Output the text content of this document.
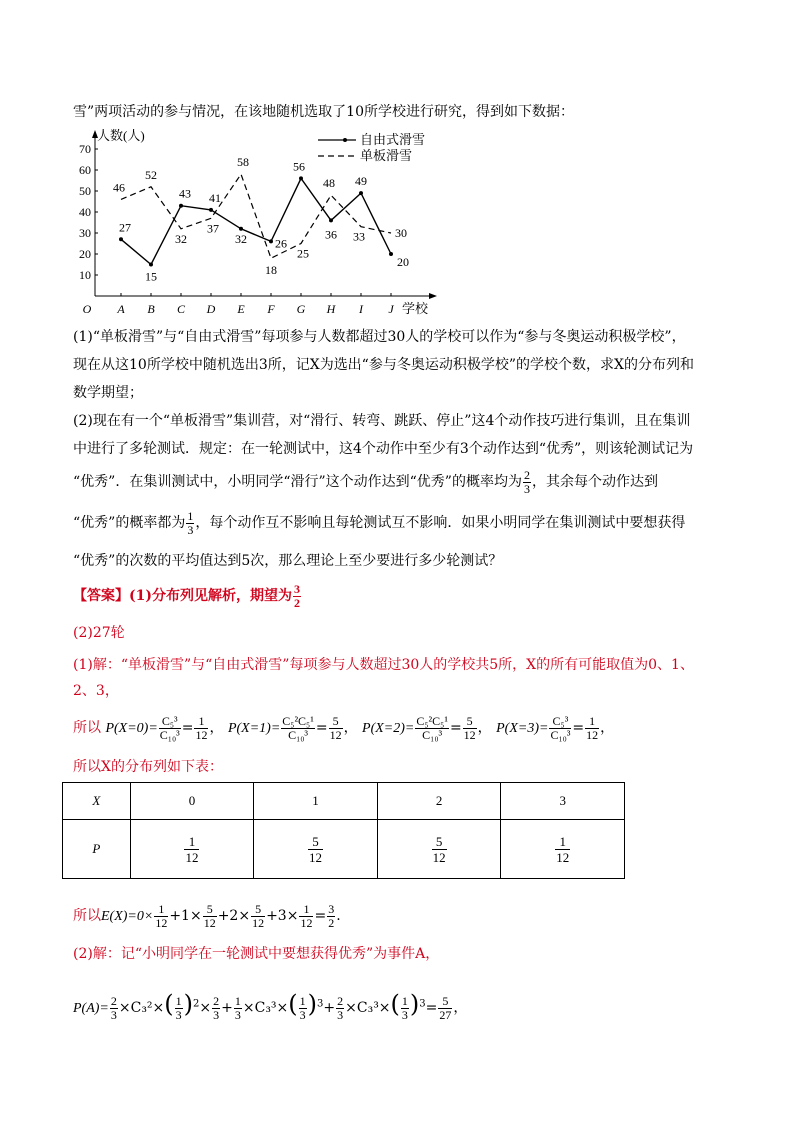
雪”两项活动的参与情况，在该地随机选取了10所学校进行研究，得到如下数据：
10
20
30
40
50
60
70
人数(人)
O A B C D E F G H I J 学校
27
15
43 41
32 26
56
36
49
20
46
52
32
37
58
18
25
48
33	30
自由式滑雪
单板滑雪
(1)“单板滑雪”与“自由式滑雪”每项参与人数都超过30人的学校可以作为“参与冬奥运动积极学校”，
现在从这10所学校中随机选出3所，记X为选出“参与冬奥运动积极学校”的学校个数，求X的分布列和
数学期望；
(2)现在有一个“单板滑雪”集训营，对“滑行、转弯、跳跃、停止”这4个动作技巧进行集训，且在集训
中进行了多轮测试．规定：在一轮测试中，这4个动作中至少有3个动作达到“优秀”，则该轮测试记为
“优秀”．在集训测试中，小明同学“滑行”这个动作达到“优秀”的概率均为 $\frac{2}{3}$ ，其余每个动作达到
“优秀”的概率都为 $\frac{1}{3}$ ，每个动作互不影响且每轮测试互不影响．如果小明同学在集训测试中要想获得
“优秀”的次数的平均值达到5次，那么理论上至少要进行多少轮测试？
【答案】(1)分布列见解析，期望为 $\frac{3}{2}$
(2)27轮
(1)解：“单板滑雪”与“自由式滑雪”每项参与人数超过30人的学校共5所，X的所有可能取值为0、1、
2、3，
所以 $P(X=0)= \frac{\text{C₅³}}{\text{C₁₀³}} = \frac{1}{12}$ ， $P(X=1)= \frac{\text{C₅²C₅¹}}{\text{C₁₀³}} = \frac{5}{12}$ ， $P(X=2)= \frac{\text{C₅²C₅¹}}{\text{C₁₀³}} = \frac{5}{12}$ ， $P(X=3)= \frac{\text{C₅³}}{\text{C₁₀³}} = \frac{1}{12}$ ，
所以X的分布列如下表：
X	0	1	2	3
P	$\frac{1}{12}$	$\frac{5}{12}$	$\frac{5}{12}$	$\frac{1}{12}$
所以$E(X)=0\times \frac{1}{12} +1\times \frac{5}{12} +2\times \frac{5}{12} +3\times \frac{1}{12} = \frac{3}{2}$ .
(2)解：记“小明同学在一轮测试中要想获得优秀”为事件A，
$P(A)= \frac{2}{3} \times C_3^2\times( \frac{1}{3} )^2\times \frac{2}{3} + \frac{1}{3} \times C_3^3\times( \frac{1}{3} )^3+ \frac{2}{3} \times C_3^3\times( \frac{1}{3} )^3= \frac{5}{27}$ ，
